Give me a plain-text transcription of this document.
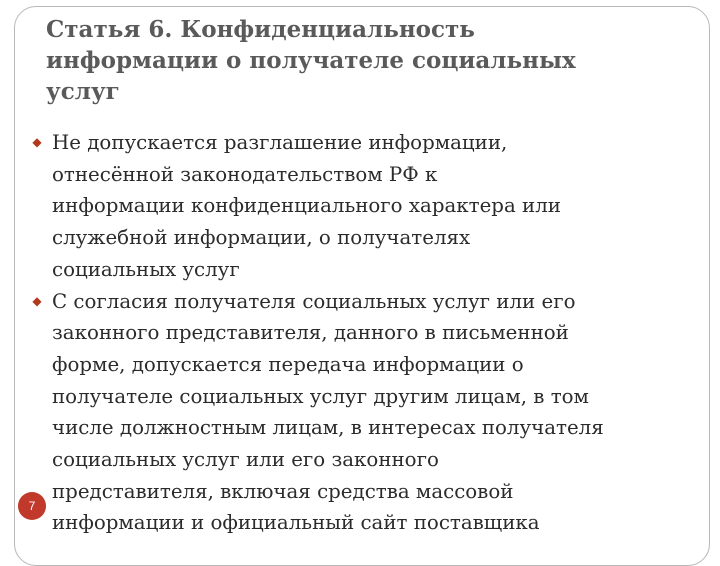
Статья 6. Конфиденциальность
информации о получателе социальных
услуг
◆ Не допускается разглашение информации,
отнесённой законодательством РФ к
информации конфиденциального характера или
служебной информации, о получателях
социальных услуг
◆ С согласия получателя социальных услуг или его
законного представителя, данного в письменной
форме, допускается передача информации о
получателе социальных услуг другим лицам, в том
числе должностным лицам, в интересах получателя
социальных услуг или его законного
представителя, включая средства массовой
информации и официальный сайт поставщика
7
